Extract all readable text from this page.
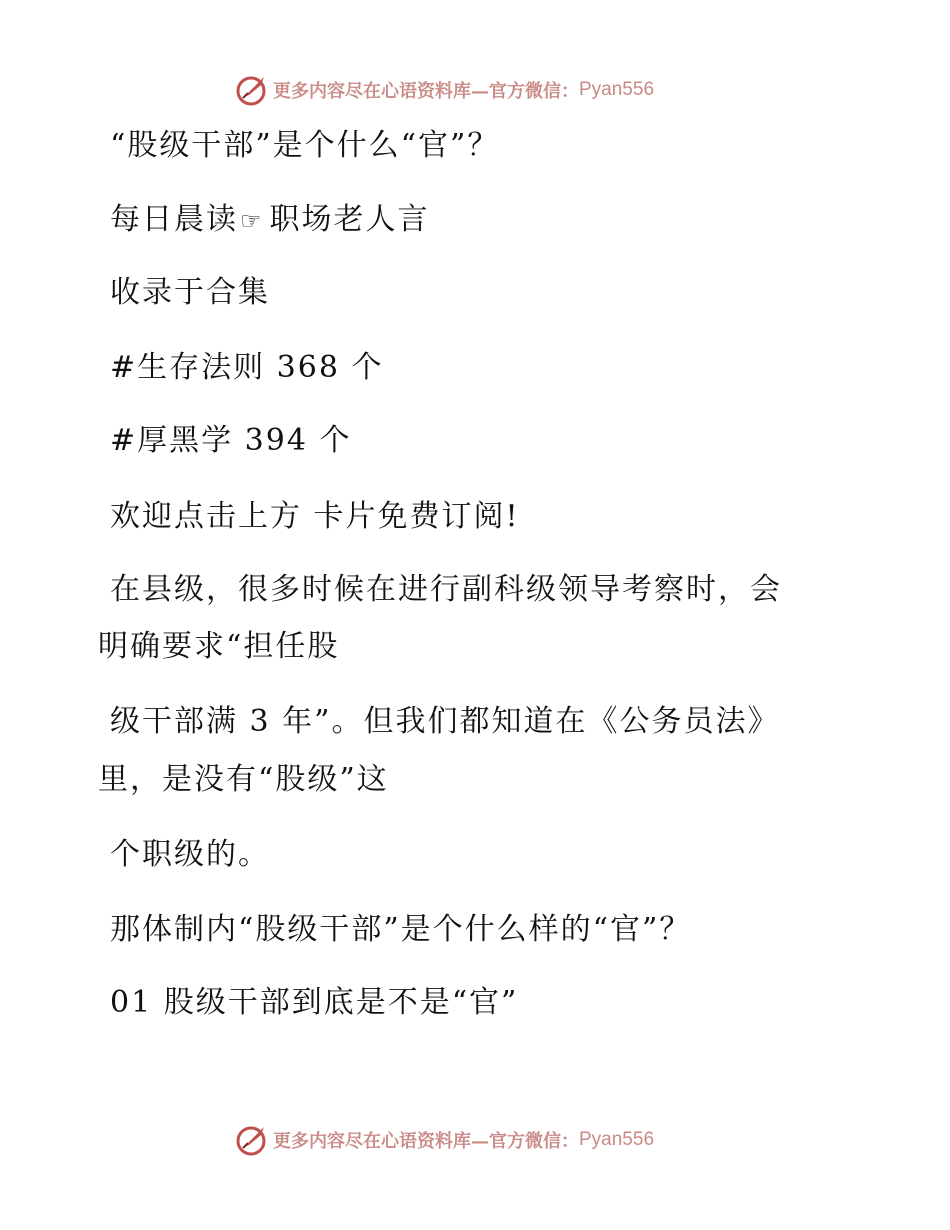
更多内容尽在心语资料库—官方微信： Pyan556
“股级干部”是个什么“官”？
每日晨读☞ 职场老人言
收录于合集
#生存法则 368 个
#厚黑学 394 个
欢迎点击上方 卡片免费订阅!
在县级，很多时候在进行副科级领导考察时，会
明确要求“担任股
级干部满 3 年”。但我们都知道在《公务员法》
里，是没有“股级”这
个职级的。
那体制内“股级干部”是个什么样的“官”？
01 股级干部到底是不是“官”
更多内容尽在心语资料库—官方微信： Pyan556
